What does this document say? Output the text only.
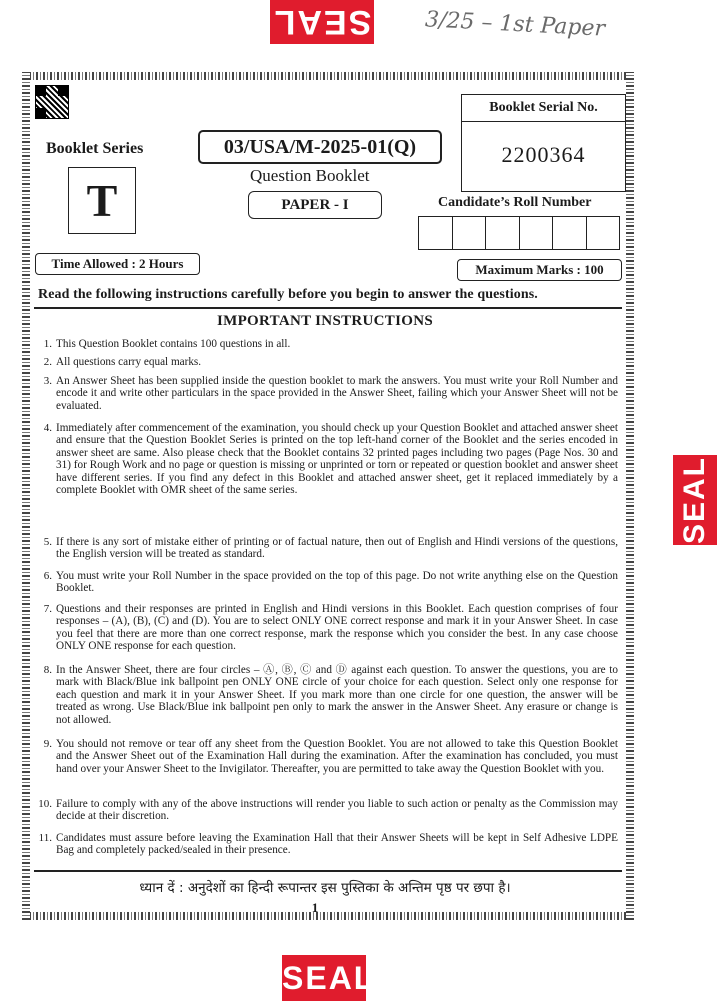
SEAL
SEAL
SEAL
3/25 – 1st Paper
Booklet Serial No.
2200364
Booklet Series
T
03/USA/M-2025-01(Q)
Question Booklet
PAPER - I	Candidate’s Roll Number
Time Allowed : 2 Hours	Maximum Marks : 100
Read the following instructions carefully before you begin to answer the questions.
IMPORTANT INSTRUCTIONS
1. This Question Booklet contains 100 questions in all.
2. All questions carry equal marks.
3. An Answer Sheet has been supplied inside the question booklet to mark the answers. You must write your Roll Number and encode it and write other particulars in the space provided in the Answer Sheet, failing which your Answer Sheet will not be evaluated.
4. Immediately after commencement of the examination, you should check up your Question Booklet and attached answer sheet and ensure that the Question Booklet Series is printed on the top left-hand corner of the Booklet and the series encoded in answer sheet are same. Also please check that the Booklet contains 32 printed pages including two pages (Page Nos. 30 and 31) for Rough Work and no page or question is missing or unprinted or torn or repeated or question booklet and answer sheet have different series. If you find any defect in this Booklet and attached answer sheet, get it replaced immediately by a complete Booklet with OMR sheet of the same series.
5. If there is any sort of mistake either of printing or of factual nature, then out of English and Hindi versions of the questions, the English version will be treated as standard.
6. You must write your Roll Number in the space provided on the top of this page. Do not write anything else on the Question Booklet.
7. Questions and their responses are printed in English and Hindi versions in this Booklet. Each question comprises of four responses – (A), (B), (C) and (D). You are to select ONLY ONE correct response and mark it in your Answer Sheet. In case you feel that there are more than one correct response, mark the response which you consider the best. In any case choose ONLY ONE response for each question.
8. In the Answer Sheet, there are four circles – Ⓐ, Ⓑ, Ⓒ and Ⓓ against each question. To answer the questions, you are to mark with Black/Blue ink ballpoint pen ONLY ONE circle of your choice for each question. Select only one response for each question and mark it in your Answer Sheet. If you mark more than one circle for one question, the answer will be treated as wrong. Use Black/Blue ink ballpoint pen only to mark the answer in the Answer Sheet. Any erasure or change is not allowed.
9. You should not remove or tear off any sheet from the Question Booklet. You are not allowed to take this Question Booklet and the Answer Sheet out of the Examination Hall during the examination. After the examination has concluded, you must hand over your Answer Sheet to the Invigilator. Thereafter, you are permitted to take away the Question Booklet with you.
10. Failure to comply with any of the above instructions will render you liable to such action or penalty as the Commission may decide at their discretion.
11. Candidates must assure before leaving the Examination Hall that their Answer Sheets will be kept in Self Adhesive LDPE Bag and completely packed/sealed in their presence.
ध्यान दें : अनुदेशों का हिन्दी रूपान्तर इस पुस्तिका के अन्तिम पृष्ठ पर छपा है।
1
